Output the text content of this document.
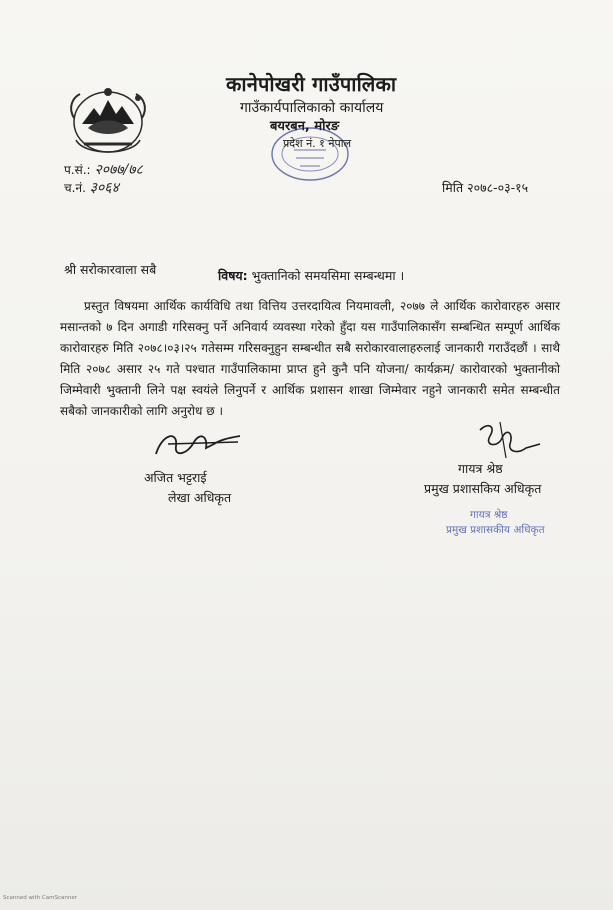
कानेपोखरी गाउँपालिका
गाउँकार्यपालिकाको कार्यालय
बयरबन, मोरङ
प्रदेश नं. १ नेपाल
प.सं.: २०७७/७८
च.नं. ३०६४	मिति २०७८-०३-१५
श्री सरोकारवाला सबै	विषय: भुक्तानिको समयसिमा सम्बन्धमा ।

प्रस्तुत विषयमा आर्थिक कार्यविधि तथा वित्तिय उत्तरदायित्व नियमावली, २०७७ ले आर्थिक कारोवारहरु असार मसान्तको ७ दिन अगाडी गरिसक्नु पर्ने अनिवार्य व्यवस्था गरेको हुँदा यस गाउँपालिकासँग सम्बन्धित सम्पूर्ण आर्थिक कारोवारहरु मिति २०७८।०३।२५ गतेसम्म गरिसक्नुहुन सम्बन्धीत सबै सरोकारवालाहरुलाई जानकारी गराउँदछौं । साथै मिति २०७८ असार २५ गते पश्चात गाउँपालिकामा प्राप्त हुने कुनै पनि योजना/ कार्यक्रम/ कारोवारको भुक्तानीको जिम्मेवारी भुक्तानी लिने पक्ष स्वयंले लिनुपर्ने र आर्थिक प्रशासन शाखा जिम्मेवार नहुने जानकारी समेत सम्बन्धीत सबैको जानकारीको लागि अनुरोध छ ।

अजित भट्टराई
लेखा अधिकृत
गायत्र श्रेष्ठ
प्रमुख प्रशासकिय अधिकृत
गायत्र श्रेष्ठ
प्रमुख प्रशासकीय अधिकृत
Scanned with CamScanner
